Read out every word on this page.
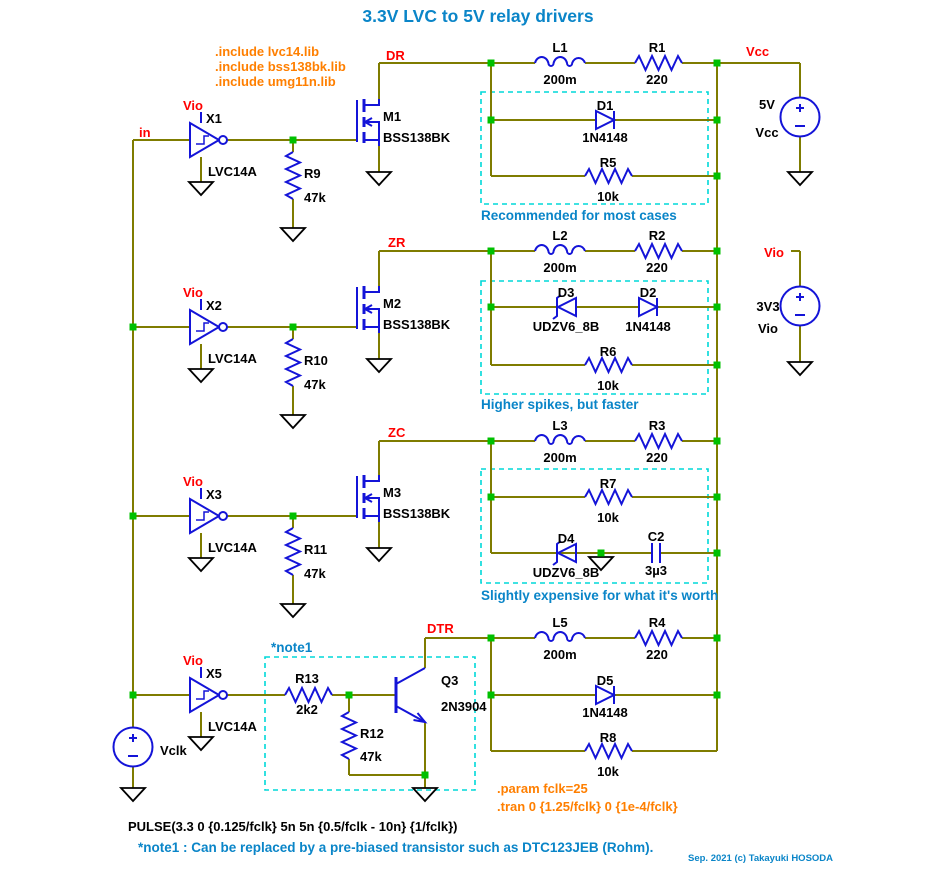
3.3V LVC to 5V relay drivers
.include lvc14.lib
.include bss138bk.lib
.include umg11n.lib
.param fclk=25
.tran 0 {1.25/fclk} 0 {1e-4/fclk}
PULSE(3.3 0 {0.125/fclk} 5n 5n {0.5/fclk - 10n} {1/fclk})
in
DR
ZR
ZC
DTR
Vcc
Vio
Vio
X1
LVC14A
Vio
X2
LVC14A
Vio
X3
LVC14A
Vio
X5
LVC14A
M1
BSS138BK
M2
BSS138BK
M3
BSS138BK
R9
47k
R10
47k
R11
47k
L1
200m
R1
220
L2
200m
R2
220
L3
200m
R3
220
L5
200m
R4
220
D1
1N4148
R5
10k
Recommended for most cases
D3
UDZV6_8B
D2
1N4148
R6
10k
Higher spikes, but faster
R7
10k
D4
UDZV6_8B
C2
3µ3
Slightly expensive for what it's worth
*note1
R13
2k2
R12
47k
Q3
2N3904
D5
1N4148
R8
10k
5V
Vcc
3V3
Vio
Vclk
*note1 : Can be replaced by a pre-biased transistor such as DTC123JEB (Rohm).
Sep. 2021 (c) Takayuki HOSODA
